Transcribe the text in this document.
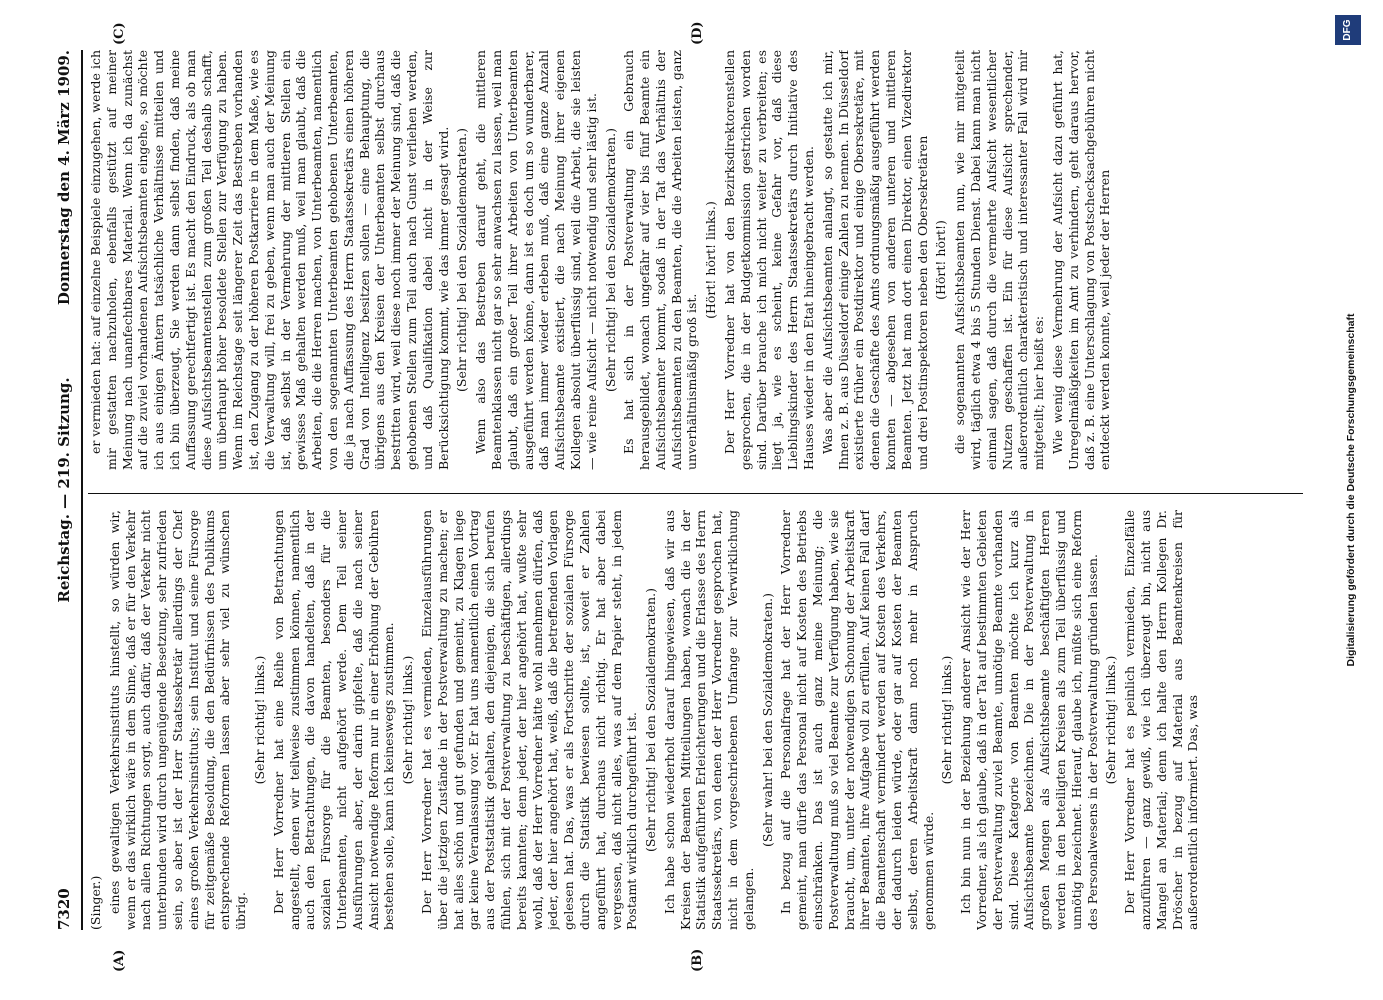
7320
Reichstag. — 219. Sitzung.
Donnerstag den 4. März 1909.
(A)	(B)
(C)	(D)

(Singer.) eines gewaltigen Verkehrsinstituts hinstellt, so würden wir, wenn er das wirklich wäre in dem Sinne, daß er für den Verkehr nach allen Richtungen sorgt, auch dafür, daß der Verkehr nicht unterbunden wird durch ungenügende Besetzung, sehr zufrieden sein, so aber ist der Herr Staatssekretär allerdings der Chef eines großen Verkehrsinstituts; sein Institut und seine Fürsorge für zeitgemäße Besoldung, die den Bedürfnissen des Publikums entsprechende Reformen lassen aber sehr viel zu wünschen übrig.

(Sehr richtig! links.) Der Herr Vorredner hat eine Reihe von Betrachtungen angestellt, denen wir teilweise zustimmen können, namentlich auch den Betrachtungen, die davon handelten, daß in der sozialen Fürsorge für die Beamten, besonders für die Unterbeamten, nicht aufgehört werde. Dem Teil seiner Ausführungen aber, der darin gipfelte, daß die nach seiner Ansicht notwendige Reform nur in einer Erhöhung der Gebühren bestehen solle, kann ich keineswegs zustimmen. (Sehr richtig! links.) Der Herr Vorredner hat es vermieden, Einzelausführungen über die jetzigen Zustände in der Postverwaltung zu machen; er hat alles schön und gut gefunden und gemeint, zu Klagen liege gar keine Veranlassung vor. Er hat uns namentlich einen Vortrag aus der Poststatistik gehalten, den diejenigen, die sich berufen fühlen, sich mit der Postverwaltung zu beschäftigen, allerdings bereits kannten; denn jeder, der hier angehört hat, wußte sehr wohl, daß der Herr Vorredner hätte wohl annehmen dürfen, daß jeder, der hier angehört hat, weiß, daß die betreffenden Vorlagen gelesen hat. Das, was er als Fortschritte der sozialen Fürsorge durch die Statistik bewiesen sollte, ist, soweit er Zahlen angeführt hat, durchaus nicht richtig. Er hat aber dabei vergessen, daß nicht alles, was auf dem Papier steht, in jedem Postamt wirklich durchgeführt ist. (Sehr richtig! bei den Sozialdemokraten.) Ich habe schon wiederholt darauf hingewiesen, daß wir aus Kreisen der Beamten Mitteilungen haben, wonach die in der Statistik aufgeführten Erleichterungen und die Erlasse des Herrn Staatssekretärs, von denen der Herr Vorredner gesprochen hat, nicht in dem vorgeschriebenen Umfange zur Verwirklichung gelangen.

(Sehr wahr! bei den Sozialdemokraten.) In bezug auf die Personalfrage hat der Herr Vorredner gemeint, man dürfe das Personal nicht auf Kosten des Betriebs einschränken. Das ist auch ganz meine Meinung; die Postverwaltung muß so viel Beamte zur Verfügung haben, wie sie braucht, um, unter der notwendigen Schonung der Arbeitskraft ihrer Beamten, ihre Aufgabe voll zu erfüllen. Auf keinen Fall darf die Beamtenschaft vermindert werden auf Kosten des Verkehrs, der dadurch leiden würde, oder gar auf Kosten der Beamten selbst, deren Arbeitskraft dann noch mehr in Anspruch genommen würde.

(Sehr richtig! links.) Ich bin nun in der Beziehung anderer Ansicht wie der Herr Vorredner, als ich glaube, daß in der Tat auf bestimmten Gebieten der Postverwaltung zuviel Beamte, unnötige Beamte vorhanden sind. Diese Kategorie von Beamten möchte ich kurz als Aufsichtsbeamte bezeichnen. Die in der Postverwaltung in großen Mengen als Aufsichtsbeamte beschäftigten Herren werden in den beteiligten Kreisen als zum Teil überflüssig und unnötig bezeichnet. Hierauf, glaube ich, müßte sich eine Reform des Personalwesens in der Postverwaltung gründen lassen. (Sehr richtig! links.) Der Herr Vorredner hat es peinlich vermieden, Einzelfälle anzuführen — ganz gewiß, wie ich überzeugt bin, nicht aus Mangel an Material; denn ich halte den Herrn Kollegen Dr. Dröscher in bezug auf Material aus Beamtenkreisen für außerordentlich informiert. Das, was

er vermieden hat: auf einzelne Beispiele einzugehen, werde ich mir gestatten nachzuholen, ebenfalls gestützt auf meiner Meinung nach unanfechtbares Material. Wenn ich da zunächst auf die zuviel vorhandenen Aufsichtsbeamten eingehe, so möchte ich aus einigen Ämtern tatsächliche Verhältnisse mitteilen und ich bin überzeugt, Sie werden dann selbst finden, daß meine Auffassung gerechtfertigt ist. Es macht den Eindruck, als ob man diese Aufsichtsbeamtenstellen zum großen Teil deshalb schafft, um überhaupt höher besoldete Stellen zur Verfügung zu haben. Wenn im Reichstage seit längerer Zeit das Bestreben vorhanden ist, den Zugang zu der höheren Postkarriere in dem Maße, wie es die Verwaltung will, frei zu geben, wenn man auch der Meinung ist, daß selbst in der Vermehrung der mittleren Stellen ein gewisses Maß gehalten werden muß, weil man glaubt, daß die Arbeiten, die die Herren machen, von Unterbeamten, namentlich von den sogenannten Unterbeamten gehobenen Unterbeamten, die ja nach Auffassung des Herrn Staatssekretärs einen höheren Grad von Intelligenz besitzen sollen — eine Behauptung, die übrigens aus den Kreisen der Unterbeamten selbst durchaus bestritten wird, weil diese noch immer der Meinung sind, daß die gehobenen Stellen zum Teil auch nach Gunst verliehen werden, und daß Qualifikation dabei nicht in der Weise zur Berücksichtigung kommt, wie das immer gesagt wird. (Sehr richtig! bei den Sozialdemokraten.) Wenn also das Bestreben darauf geht, die mittleren Beamtenklassen nicht gar so sehr anwachsen zu lassen, weil man glaubt, daß ein großer Teil ihrer Arbeiten von Unterbeamten ausgeführt werden könne, dann ist es doch um so wunderbarer, daß man immer wieder erleben muß, daß eine ganze Anzahl Aufsichtsbeamte existiert, die nach Meinung ihrer eigenen Kollegen absolut überflüssig sind, weil die Arbeit, die sie leisten — wie reine Aufsicht — nicht notwendig und sehr lästig ist. (Sehr richtig! bei den Sozialdemokraten.) Es hat sich in der Postverwaltung ein Gebrauch herausgebildet, wonach ungefähr auf vier bis fünf Beamte ein Aufsichtsbeamter kommt, sodaß in der Tat das Verhältnis der Aufsichtsbeamten zu den Beamten, die die Arbeiten leisten, ganz unverhältnismäßig groß ist.

(Hört! hört! links.) Der Herr Vorredner hat von den Bezirksdirektorenstellen gesprochen, die in der Budgetkommission gestrichen worden sind. Darüber brauche ich mich nicht weiter zu verbreiten; es liegt ja, wie es scheint, keine Gefahr vor, daß diese Lieblingskinder des Herrn Staatssekretärs durch Initiative des Hauses wieder in den Etat hineingebracht werden. Was aber die Aufsichtsbeamten anlangt, so gestatte ich mir, Ihnen z. B. aus Düsseldorf einige Zahlen zu nennen. In Düsseldorf existierte früher ein Postdirektor und einige Obersekretäre, mit denen die Geschäfte des Amts ordnungsmäßig ausgeführt werden konnten — abgesehen von anderen unteren und mittleren Beamten. Jetzt hat man dort einen Direktor, einen Vizedirektor und drei Postinspektoren neben den Obersekretären (Hört! hört!) die sogenannten Aufsichtsbeamten nun, wie mir mitgeteilt wird, täglich etwa 4 bis 5 Stunden Dienst. Dabei kann man nicht einmal sagen, daß durch die vermehrte Aufsicht wesentlicher Nutzen geschaffen ist. Ein für diese Aufsicht sprechender, außerordentlich charakteristisch und interessanter Fall wird mir mitgeteilt; hier heißt es: Wie wenig diese Vermehrung der Aufsicht dazu geführt hat, Unregelmäßigkeiten im Amt zu verhindern, geht daraus hervor, daß z. B. eine Unterschlagung von Postschecksachgebühren nicht entdeckt werden konnte, weil jeder der Herren	Digitalisierung gefördert durch die Deutsche Forschungsgemeinschaft
DFG
